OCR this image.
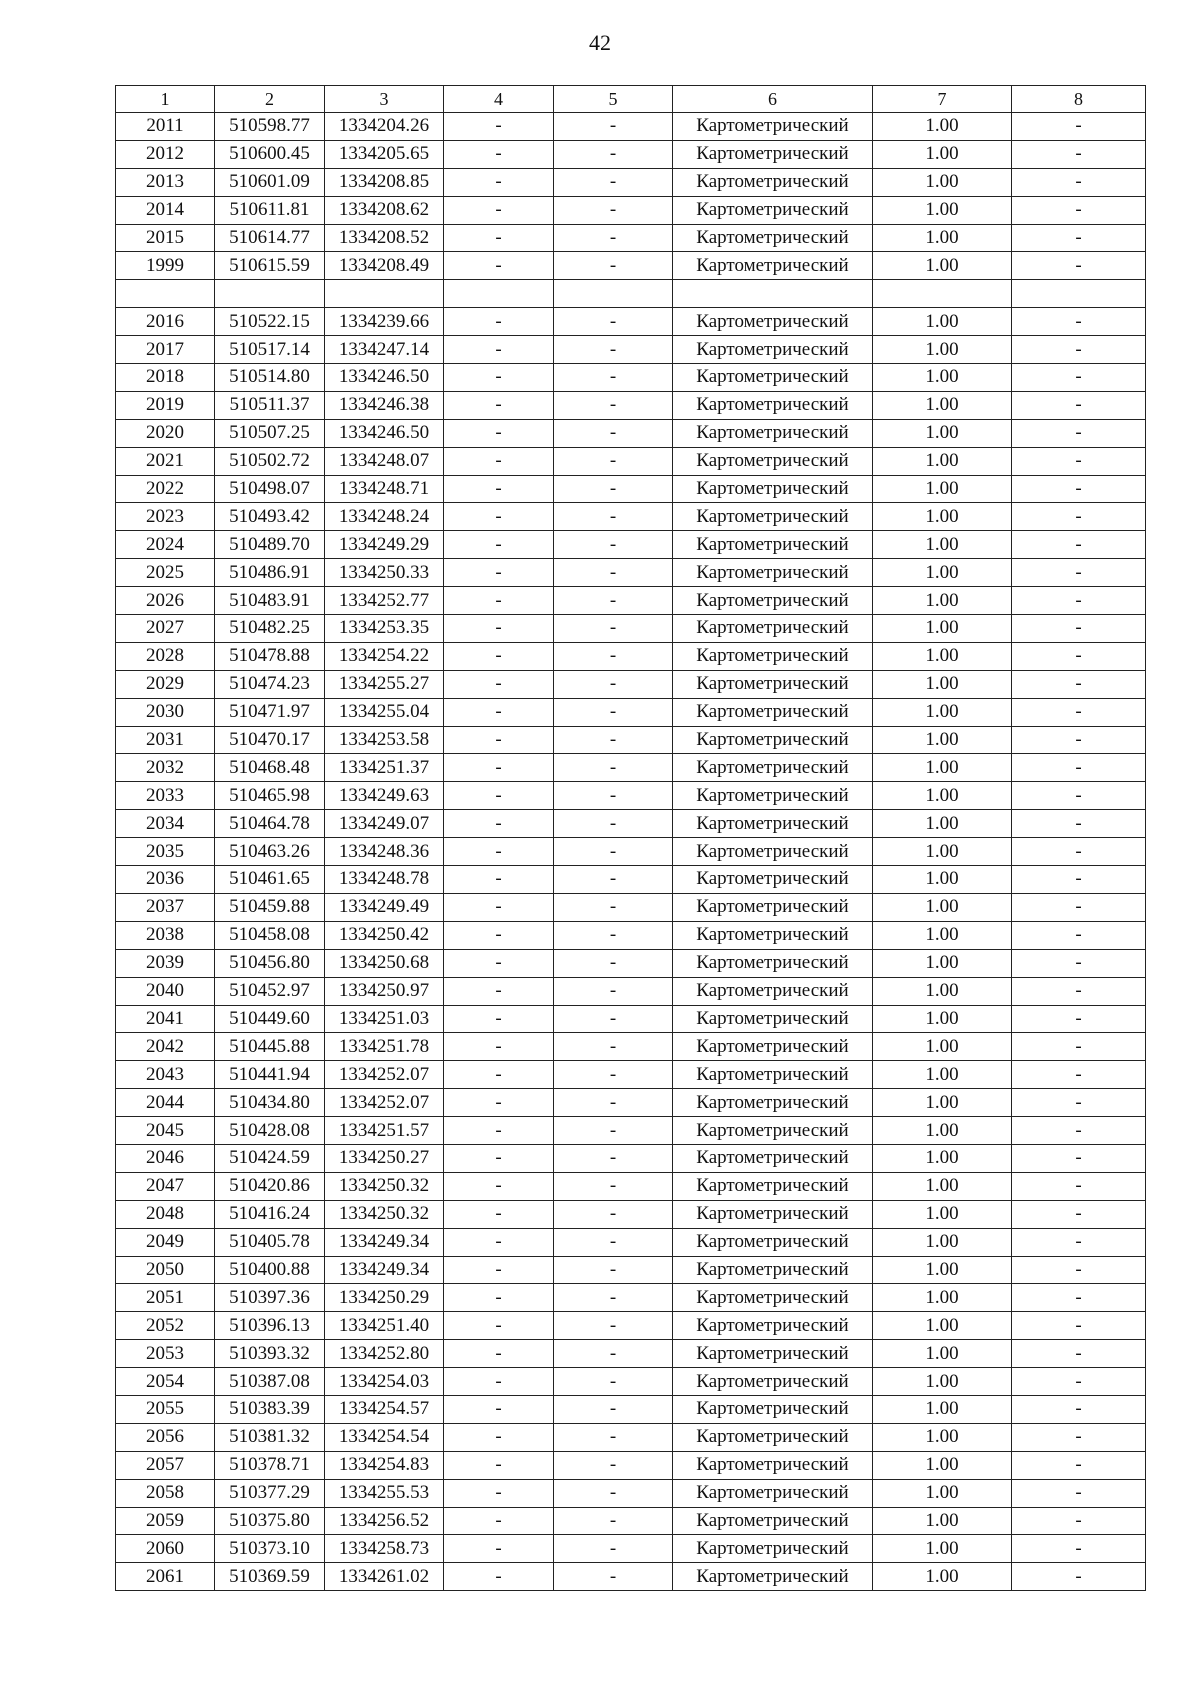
42
1	2	3	4	5	6	7	8
2011	510598.77	1334204.26	-	-	Картометрический	1.00	-
2012	510600.45	1334205.65	-	-	Картометрический	1.00	-
2013	510601.09	1334208.85	-	-	Картометрический	1.00	-
2014	510611.81	1334208.62	-	-	Картометрический	1.00	-
2015	510614.77	1334208.52	-	-	Картометрический	1.00	-
1999	510615.59	1334208.49	-	-	Картометрический	1.00	-

2016	510522.15	1334239.66	-	-	Картометрический	1.00	-
2017	510517.14	1334247.14	-	-	Картометрический	1.00	-
2018	510514.80	1334246.50	-	-	Картометрический	1.00	-
2019	510511.37	1334246.38	-	-	Картометрический	1.00	-
2020	510507.25	1334246.50	-	-	Картометрический	1.00	-
2021	510502.72	1334248.07	-	-	Картометрический	1.00	-
2022	510498.07	1334248.71	-	-	Картометрический	1.00	-
2023	510493.42	1334248.24	-	-	Картометрический	1.00	-
2024	510489.70	1334249.29	-	-	Картометрический	1.00	-
2025	510486.91	1334250.33	-	-	Картометрический	1.00	-
2026	510483.91	1334252.77	-	-	Картометрический	1.00	-
2027	510482.25	1334253.35	-	-	Картометрический	1.00	-
2028	510478.88	1334254.22	-	-	Картометрический	1.00	-
2029	510474.23	1334255.27	-	-	Картометрический	1.00	-
2030	510471.97	1334255.04	-	-	Картометрический	1.00	-
2031	510470.17	1334253.58	-	-	Картометрический	1.00	-
2032	510468.48	1334251.37	-	-	Картометрический	1.00	-
2033	510465.98	1334249.63	-	-	Картометрический	1.00	-
2034	510464.78	1334249.07	-	-	Картометрический	1.00	-
2035	510463.26	1334248.36	-	-	Картометрический	1.00	-
2036	510461.65	1334248.78	-	-	Картометрический	1.00	-
2037	510459.88	1334249.49	-	-	Картометрический	1.00	-
2038	510458.08	1334250.42	-	-	Картометрический	1.00	-
2039	510456.80	1334250.68	-	-	Картометрический	1.00	-
2040	510452.97	1334250.97	-	-	Картометрический	1.00	-
2041	510449.60	1334251.03	-	-	Картометрический	1.00	-
2042	510445.88	1334251.78	-	-	Картометрический	1.00	-
2043	510441.94	1334252.07	-	-	Картометрический	1.00	-
2044	510434.80	1334252.07	-	-	Картометрический	1.00	-
2045	510428.08	1334251.57	-	-	Картометрический	1.00	-
2046	510424.59	1334250.27	-	-	Картометрический	1.00	-
2047	510420.86	1334250.32	-	-	Картометрический	1.00	-
2048	510416.24	1334250.32	-	-	Картометрический	1.00	-
2049	510405.78	1334249.34	-	-	Картометрический	1.00	-
2050	510400.88	1334249.34	-	-	Картометрический	1.00	-
2051	510397.36	1334250.29	-	-	Картометрический	1.00	-
2052	510396.13	1334251.40	-	-	Картометрический	1.00	-
2053	510393.32	1334252.80	-	-	Картометрический	1.00	-
2054	510387.08	1334254.03	-	-	Картометрический	1.00	-
2055	510383.39	1334254.57	-	-	Картометрический	1.00	-
2056	510381.32	1334254.54	-	-	Картометрический	1.00	-
2057	510378.71	1334254.83	-	-	Картометрический	1.00	-
2058	510377.29	1334255.53	-	-	Картометрический	1.00	-
2059	510375.80	1334256.52	-	-	Картометрический	1.00	-
2060	510373.10	1334258.73	-	-	Картометрический	1.00	-
2061	510369.59	1334261.02	-	-	Картометрический	1.00	-
